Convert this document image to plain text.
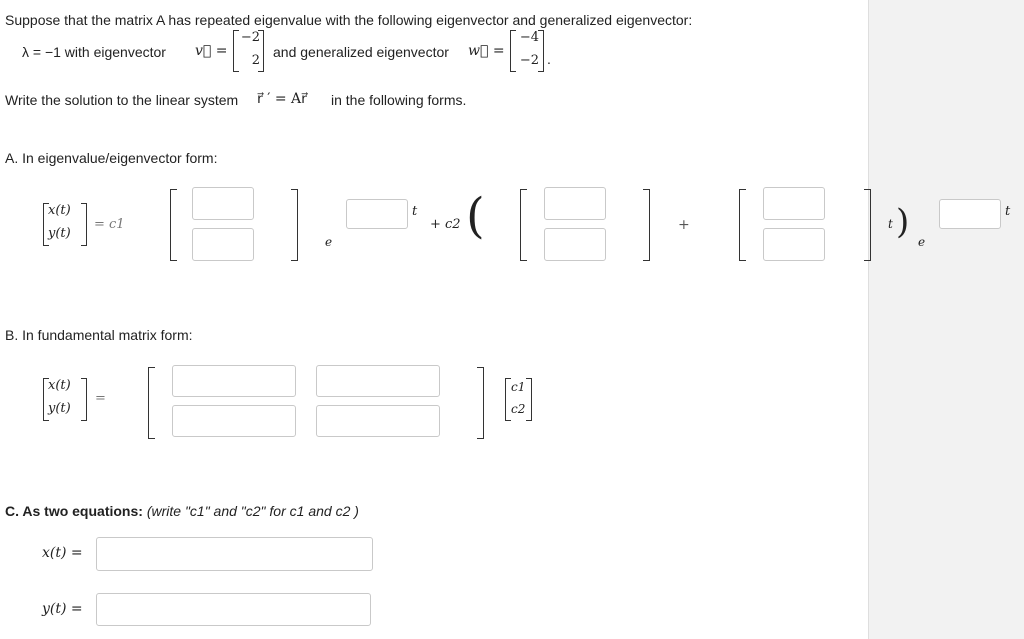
Suppose that the matrix A has repeated eigenvalue with the following eigenvector and generalized eigenvector:
λ = −1 with eigenvector v⃗ =
−2
2
and generalized eigenvector w⃗ =
−4
−2 .
Write the solution to the linear system r⃗ ′ = Ar⃗ in the following forms.
A. In eigenvalue/eigenvector form:
x(t)
y(t)
= c1
e
t
+ c2 (	+	t ) e
t
B. In fundamental matrix form:
x(t)
y(t)
=
c1
c2
C. As two equations: (write "c1" and "c2" for c1 and c2 )
x(t) =
y(t) =
